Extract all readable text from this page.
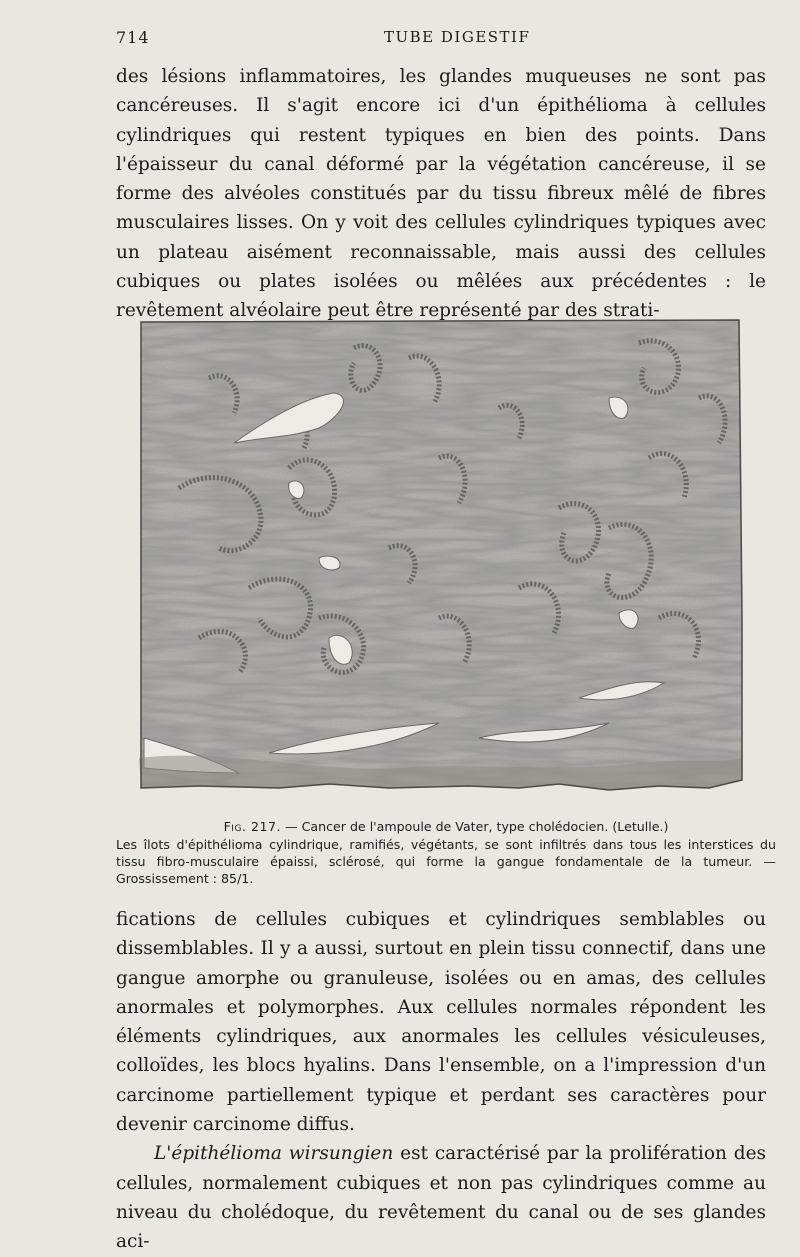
714	TUBE DIGESTIF

des lésions inflammatoires, les glandes muqueuses ne sont pas cancéreuses. Il s'agit encore ici d'un épithélioma à cellules cylindriques qui restent typiques en bien des points. Dans l'épaisseur du canal déformé par la végétation cancéreuse, il se forme des alvéoles constitués par du tissu fibreux mêlé de fibres musculaires lisses. On y voit des cellules cylindriques typiques avec un plateau aisément reconnaissable, mais aussi des cellules cubiques ou plates isolées ou mêlées aux précédentes : le revêtement alvéolaire peut être représenté par des strati-

Fig. 217. — Cancer de l'ampoule de Vater, type cholédocien. (Letulle.)

Les îlots d'épithélioma cylindrique, ramifiés, végétants, se sont infiltrés dans tous les interstices du tissu fibro-musculaire épaissi, sclérosé, qui forme la gangue fondamentale de la tumeur. — Grossissement : 85/1.

fications de cellules cubiques et cylindriques semblables ou dissemblables. Il y a aussi, surtout en plein tissu connectif, dans une gangue amorphe ou granuleuse, isolées ou en amas, des cellules anormales et polymorphes. Aux cellules normales répondent les éléments cylindriques, aux anormales les cellules vésiculeuses, colloïdes, les blocs hyalins. Dans l'ensemble, on a l'impression d'un carcinome partiellement typique et perdant ses caractères pour devenir carcinome diffus.

L'épithélioma wirsungien est caractérisé par la prolifération des cellules, normalement cubiques et non pas cylindriques comme au niveau du cholédoque, du revêtement du canal ou de ses glandes aci-
